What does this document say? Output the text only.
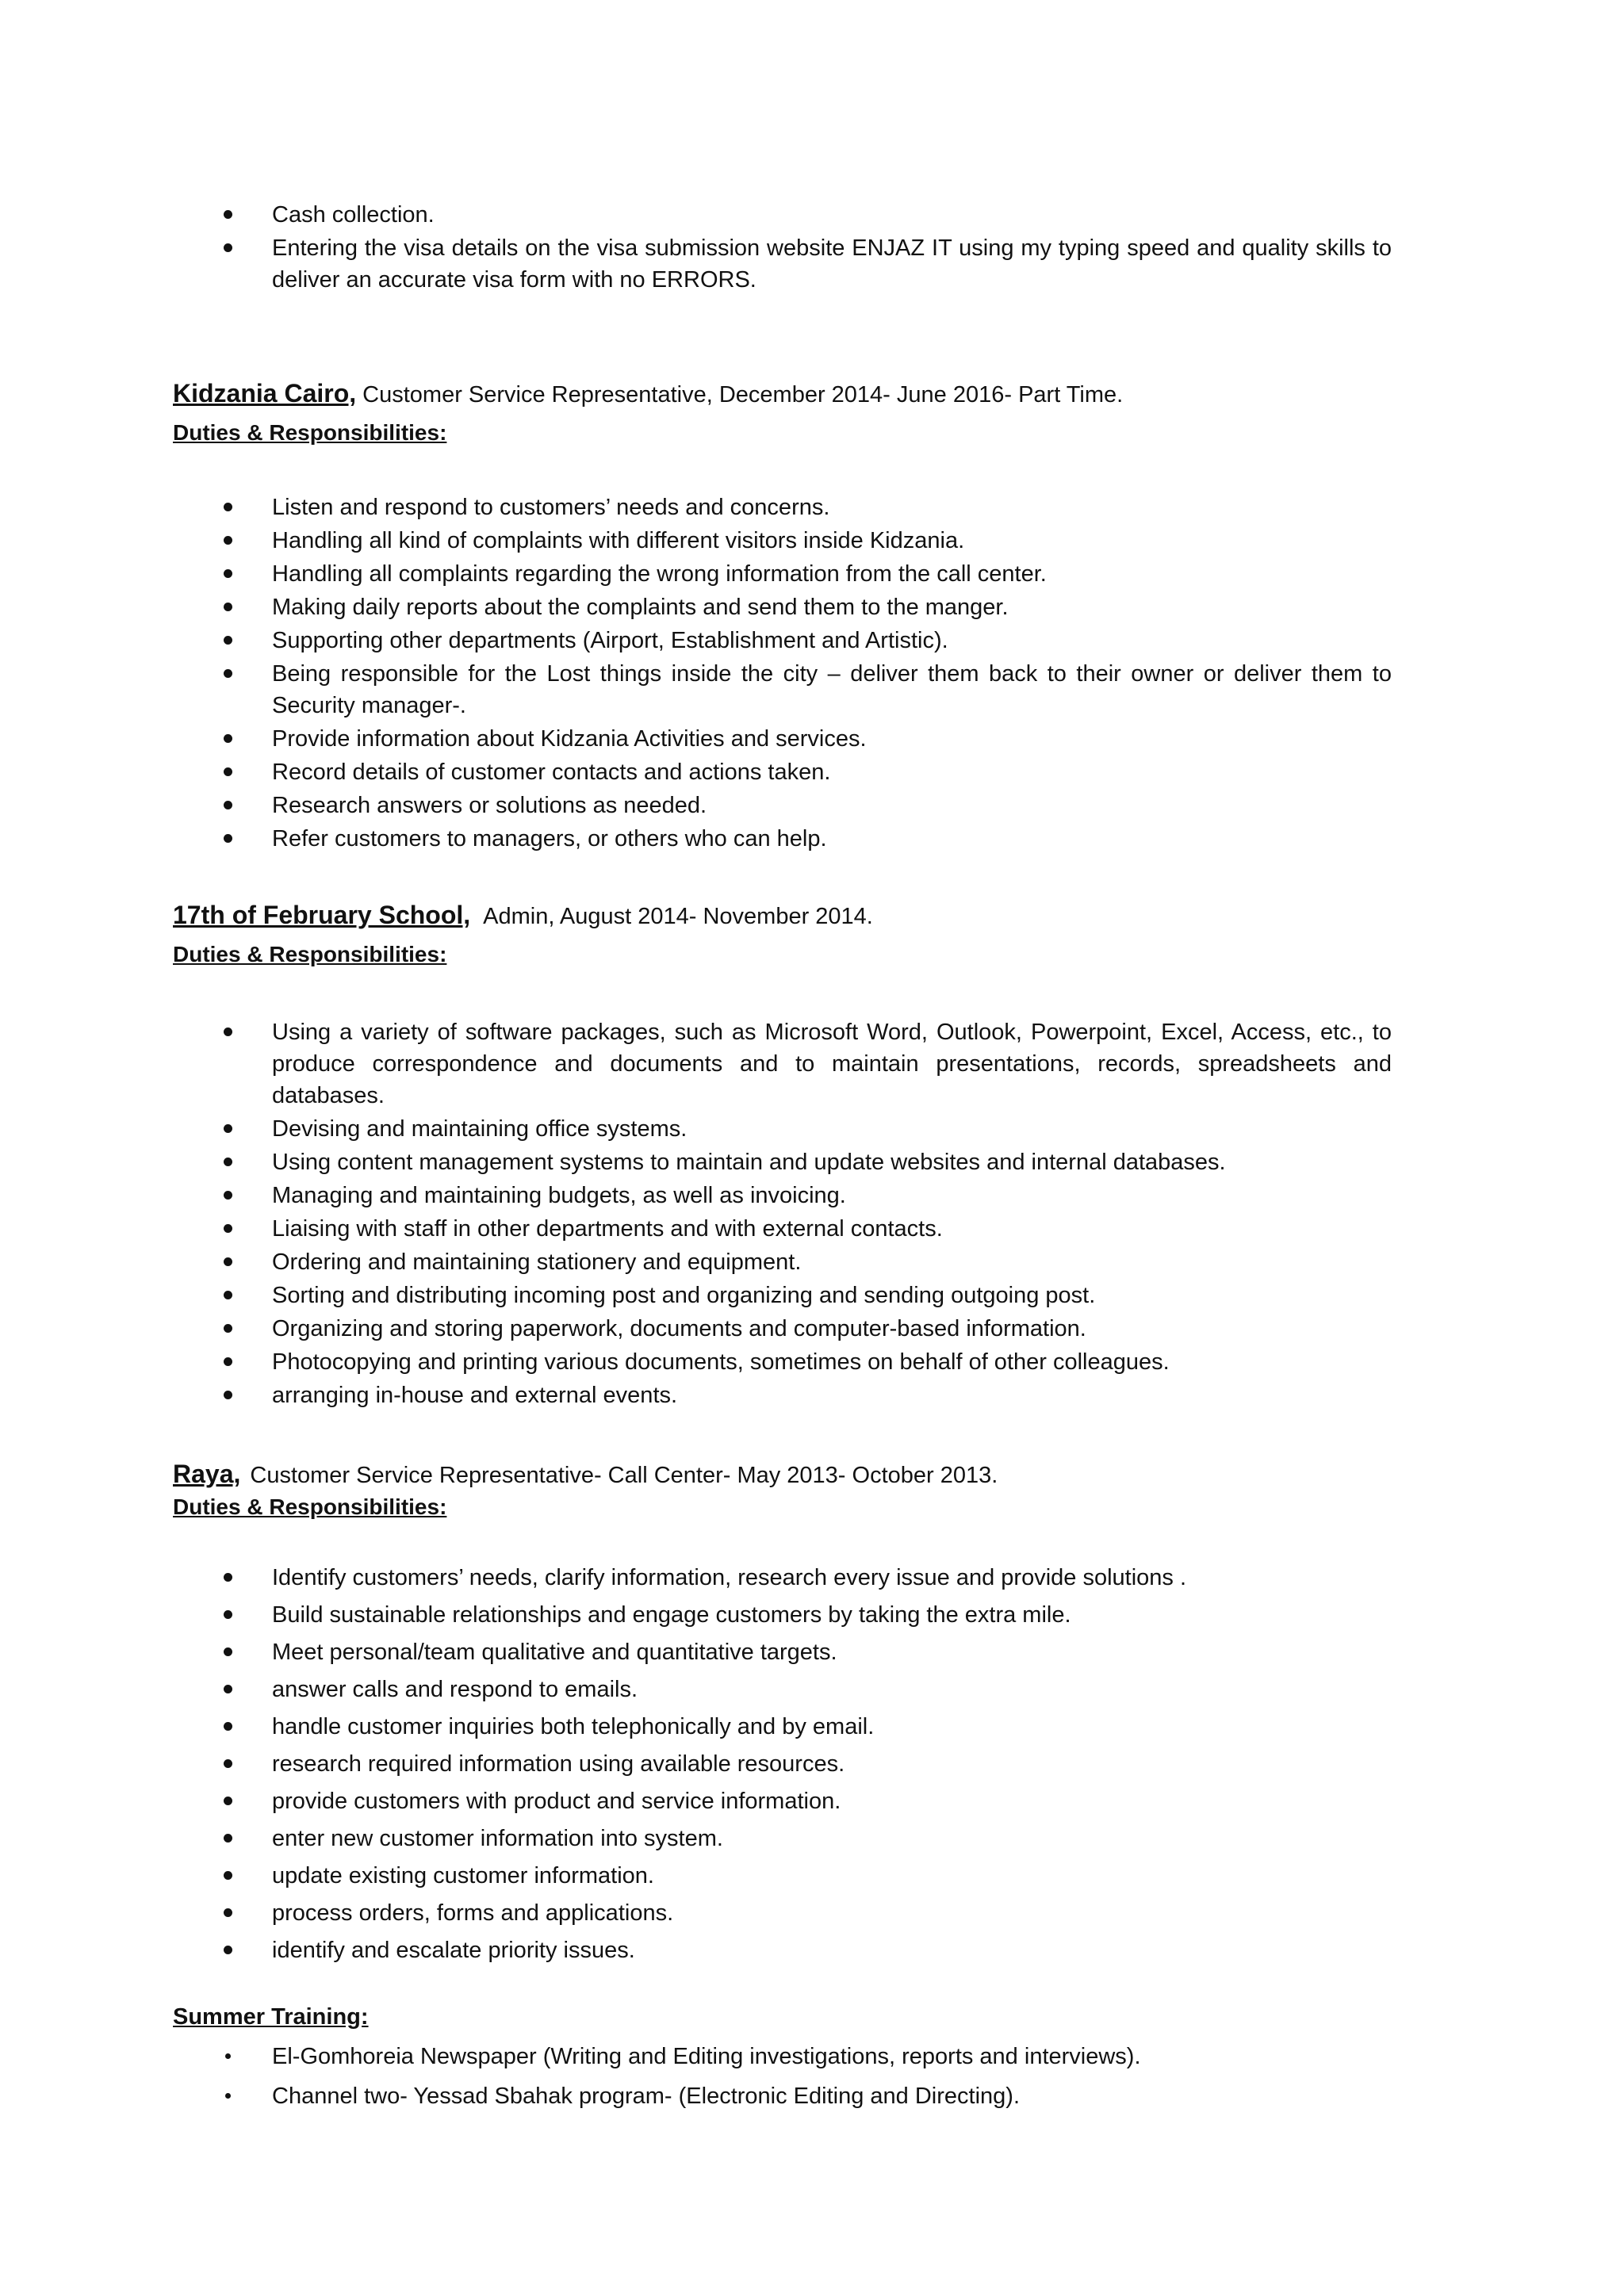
Cash collection.
Entering the visa details on the visa submission website ENJAZ IT using my typing speed and quality skills to deliver an accurate visa form with no ERRORS.
Kidzania Cairo, Customer Service Representative, December 2014- June 2016- Part Time.
Duties & Responsibilities:
Listen and respond to customers’ needs and concerns.
Handling all kind of complaints with different visitors inside Kidzania.
Handling all complaints regarding the wrong information from the call center.
Making daily reports about the complaints and send them to the manger.
Supporting other departments (Airport, Establishment and Artistic).
Being responsible for the Lost things inside the city – deliver them back to their owner or deliver them to Security manager-.
Provide information about Kidzania Activities and services.
Record details of customer contacts and actions taken.
Research answers or solutions as needed.
Refer customers to managers, or others who can help.
17th of February School, Admin, August 2014- November 2014.
Duties & Responsibilities:
Using a variety of software packages, such as Microsoft Word, Outlook, Powerpoint, Excel, Access, etc., to produce correspondence and documents and to maintain presentations, records, spreadsheets and databases.
Devising and maintaining office systems.
Using content management systems to maintain and update websites and internal databases.
Managing and maintaining budgets, as well as invoicing.
Liaising with staff in other departments and with external contacts.
Ordering and maintaining stationery and equipment.
Sorting and distributing incoming post and organizing and sending outgoing post.
Organizing and storing paperwork, documents and computer-based information.
Photocopying and printing various documents, sometimes on behalf of other colleagues.
arranging in-house and external events.
Raya, Customer Service Representative- Call Center- May 2013- October 2013.
Duties & Responsibilities:
Identify customers’ needs, clarify information, research every issue and provide solutions .
Build sustainable relationships and engage customers by taking the extra mile.
Meet personal/team qualitative and quantitative targets.
answer calls and respond to emails.
handle customer inquiries both telephonically and by email.
research required information using available resources.
provide customers with product and service information.
enter new customer information into system.
update existing customer information.
process orders, forms and applications.
identify and escalate priority issues.
Summer Training:
El-Gomhoreia Newspaper (Writing and Editing investigations, reports and interviews).
Channel two- Yessad Sbahak program- (Electronic Editing and Directing).
